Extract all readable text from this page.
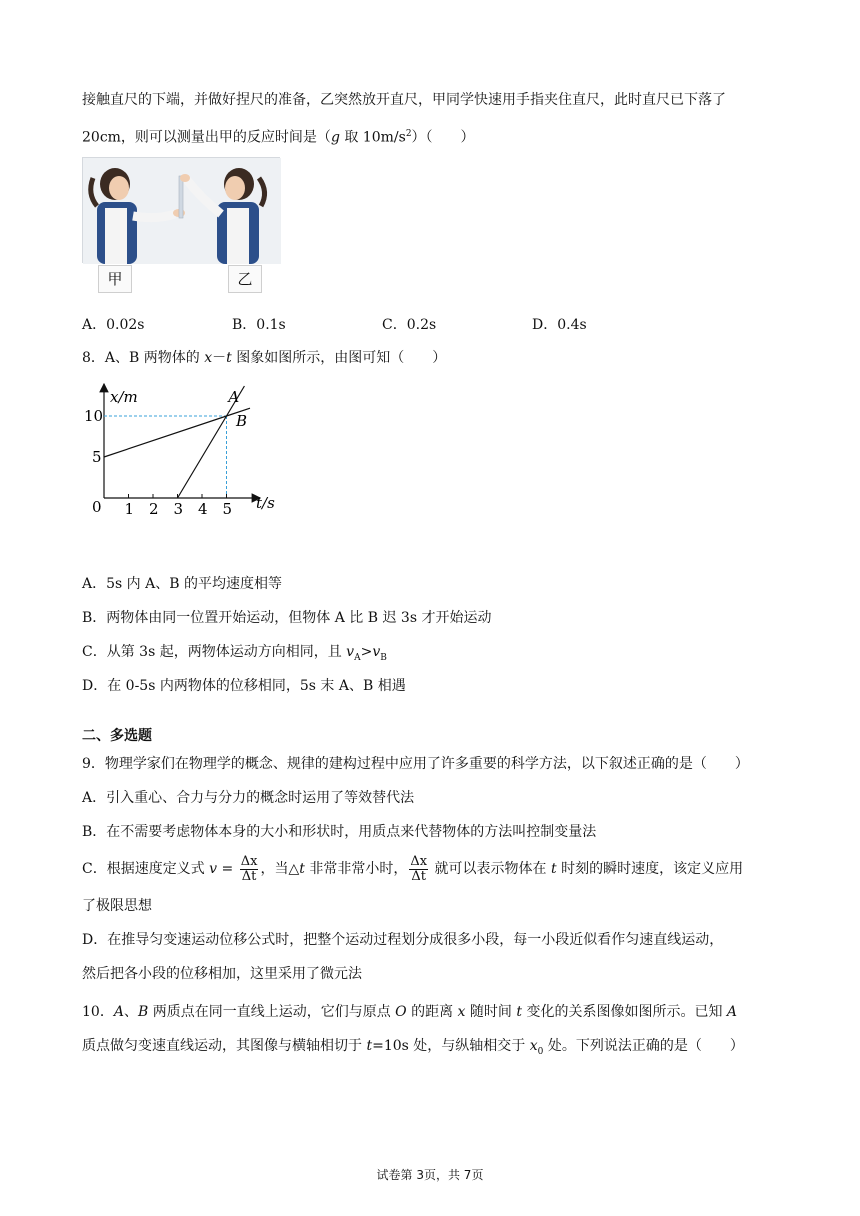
接触直尺的下端，并做好捏尺的准备，乙突然放开直尺，甲同学快速用手指夹住直尺，此时直尺已下落了
20cm，则可以测量出甲的反应时间是（g 取 $10m/s^2$）（　　）
甲	乙
A．0.02s	B．0.1s	C．0.2s	D．0.4s
8．A、B 两物体的 x－t 图象如图所示，由图可知（　　）
A
B
1 2 3 4 5
5
10
x/m
t/s
0
A．5s 内 A、B 的平均速度相等
B．两物体由同一位置开始运动，但物体 A 比 B 迟 3s 才开始运动
C．从第 3s 起，两物体运动方向相同，且 $v_A>v_B$
D．在 0-5s 内两物体的位移相同，5s 末 A、B 相遇
二、多选题
9．物理学家们在物理学的概念、规律的建构过程中应用了许多重要的科学方法，以下叙述正确的是（　　）
A．引入重心、合力与分力的概念时运用了等效替代法
B．在不需要考虑物体本身的大小和形状时，用质点来代替物体的方法叫控制变量法
C．根据速度定义式 $v = \frac{\Delta x}{\Delta t}$ ，当△t 非常非常小时， $\frac{\Delta x}{\Delta t}$ 就可以表示物体在 t 时刻的瞬时速度，该定义应用
了极限思想
D．在推导匀变速运动位移公式时，把整个运动过程划分成很多小段，每一小段近似看作匀速直线运动，
然后把各小段的位移相加，这里采用了微元法
10．A、B 两质点在同一直线上运动，它们与原点 O 的距离 x 随时间 t 变化的关系图像如图所示。已知 A
质点做匀变速直线运动，其图像与横轴相切于 t=10s 处，与纵轴相交于 $x_0$ 处。下列说法正确的是（　　）
试卷第 3页，共 7页
